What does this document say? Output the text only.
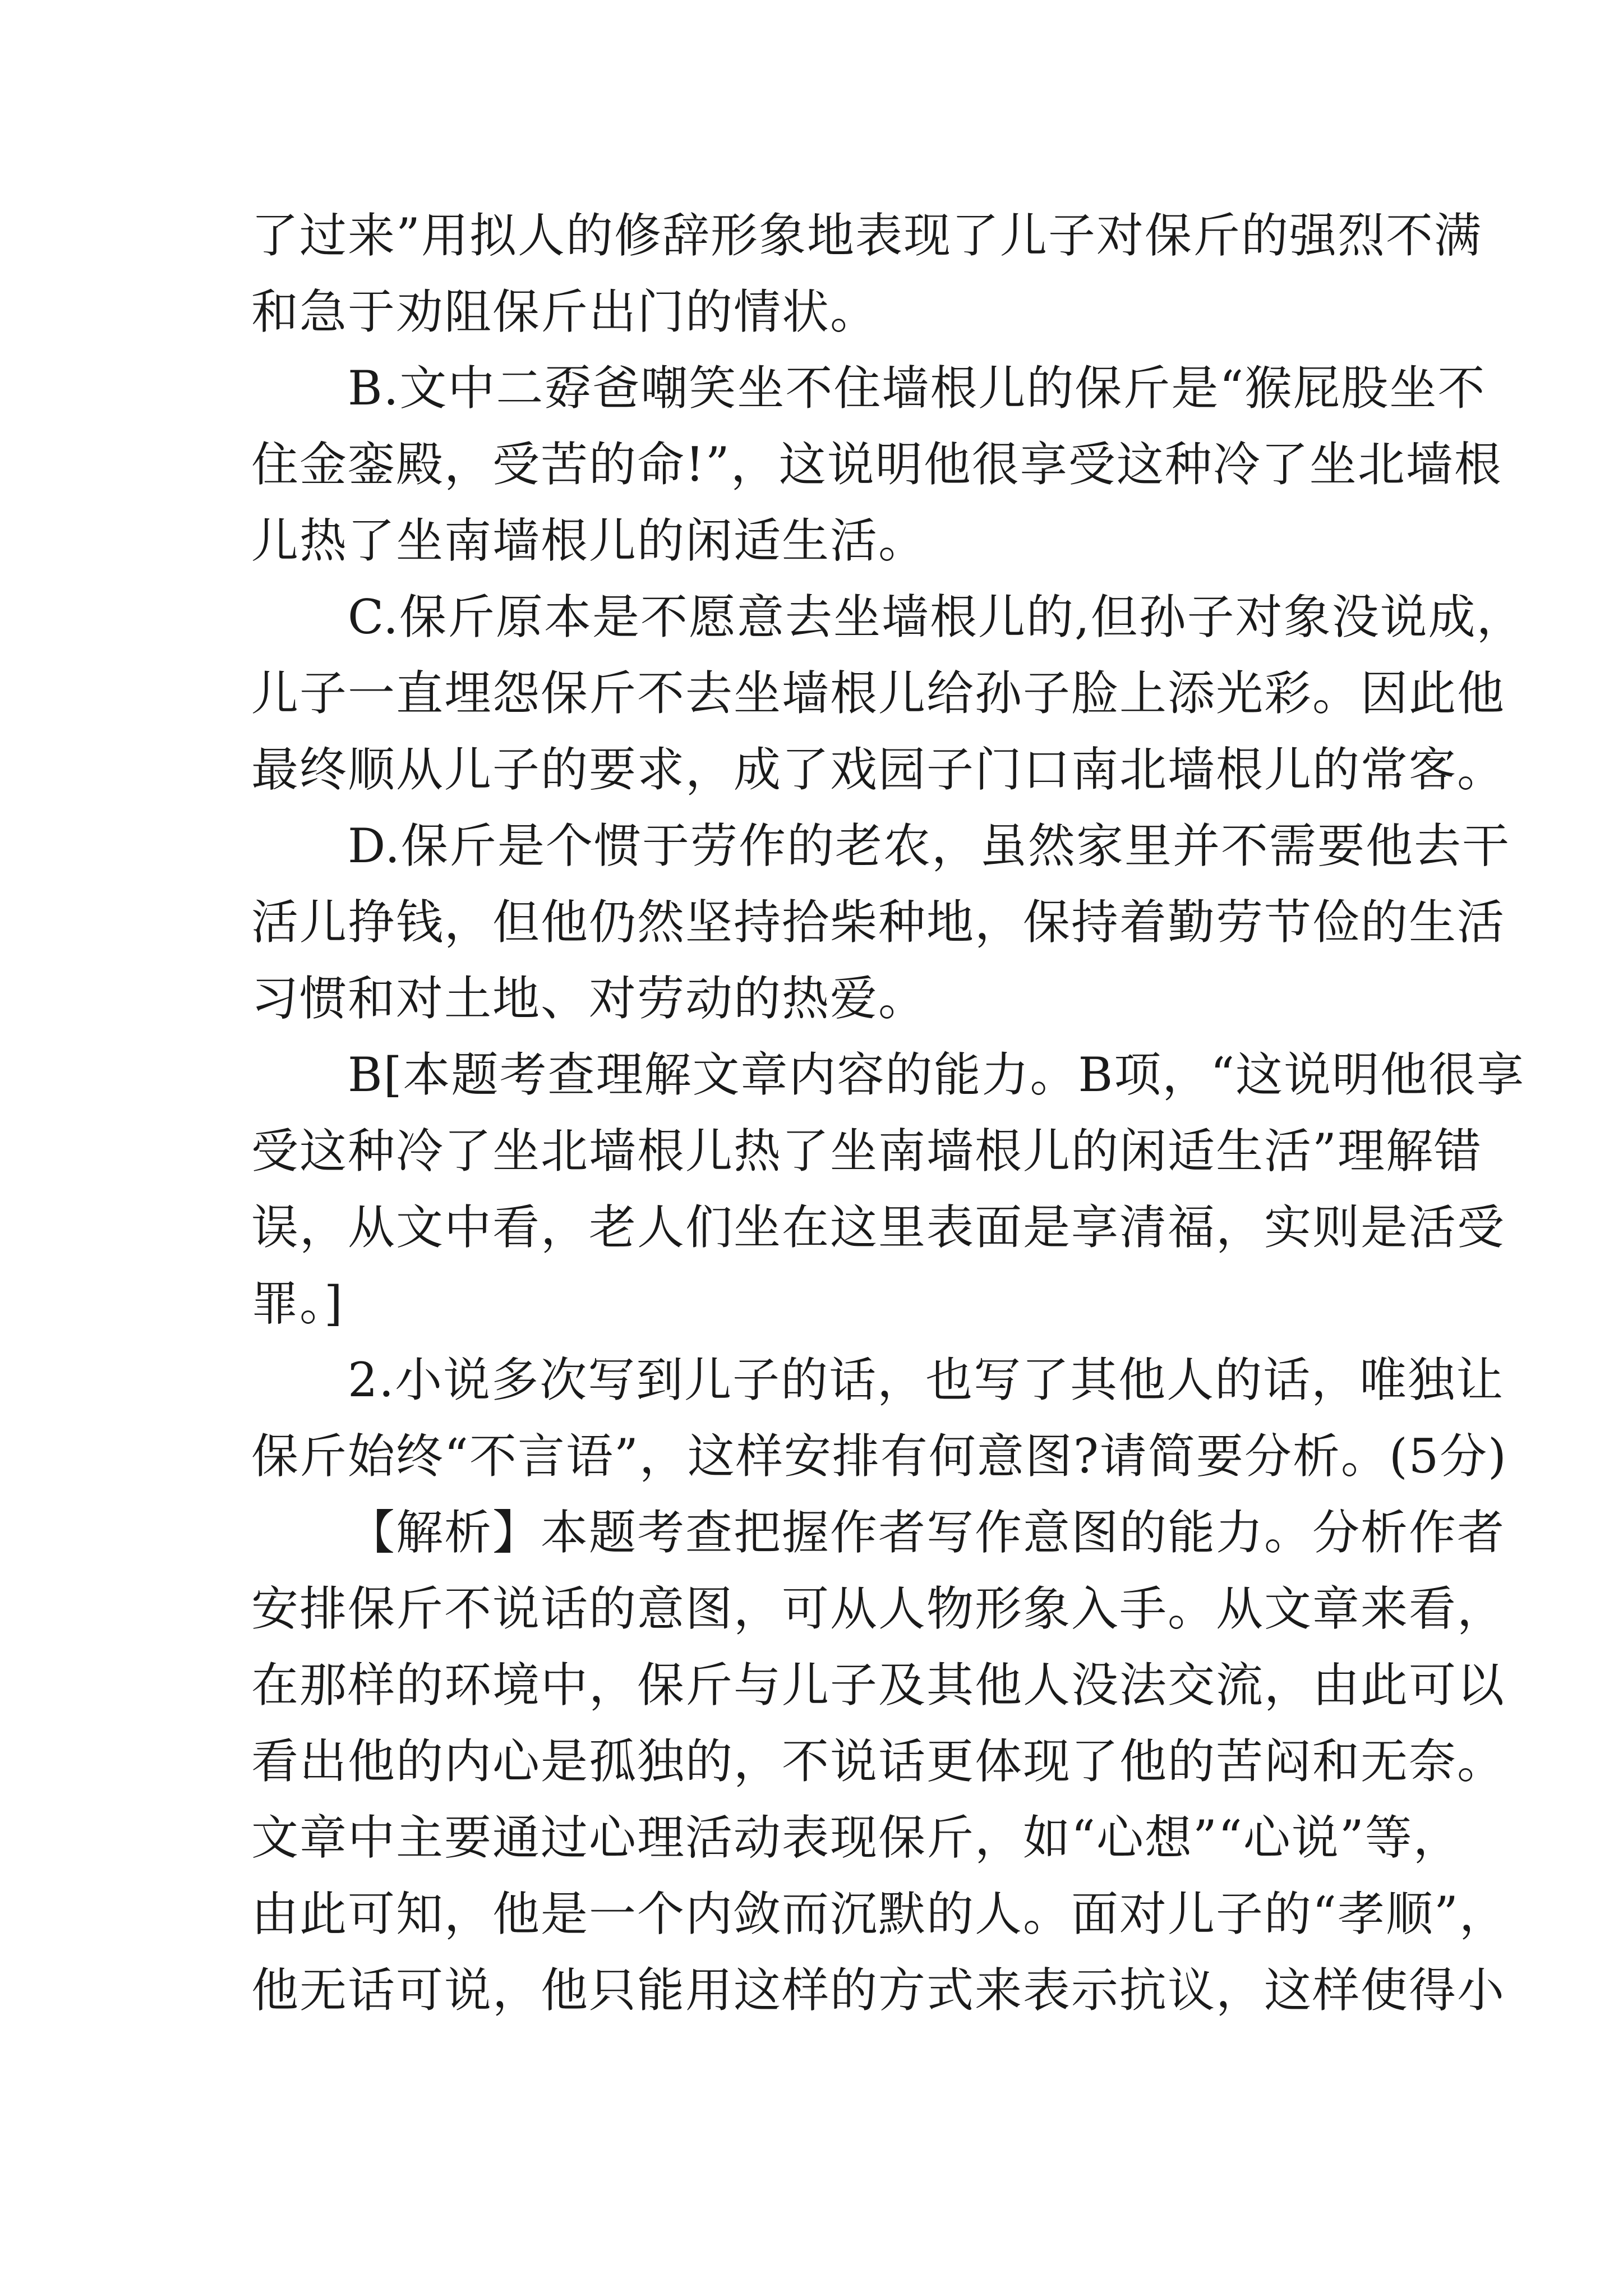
了过来”用拟人的修辞形象地表现了儿子对保斤的强烈不满
和急于劝阻保斤出门的情状。
B.文中二孬爸嘲笑坐不住墙根儿的保斤是“猴屁股坐不
住金銮殿，受苦的命!”，这说明他很享受这种冷了坐北墙根
儿热了坐南墙根儿的闲适生活。
C.保斤原本是不愿意去坐墙根儿的,但孙子对象没说成，
儿子一直埋怨保斤不去坐墙根儿给孙子脸上添光彩。因此他
最终顺从儿子的要求，成了戏园子门口南北墙根儿的常客。
D.保斤是个惯于劳作的老农，虽然家里并不需要他去干
活儿挣钱，但他仍然坚持拾柴种地，保持着勤劳节俭的生活
习惯和对土地、对劳动的热爱。
B[本题考查理解文章内容的能力。B项，“这说明他很享
受这种冷了坐北墙根儿热了坐南墙根儿的闲适生活”理解错
误，从文中看，老人们坐在这里表面是享清福，实则是活受
罪。]
2.小说多次写到儿子的话，也写了其他人的话，唯独让
保斤始终“不言语”，这样安排有何意图?请简要分析。(5分)
【解析】本题考查把握作者写作意图的能力。分析作者
安排保斤不说话的意图，可从人物形象入手。从文章来看，
在那样的环境中，保斤与儿子及其他人没法交流，由此可以
看出他的内心是孤独的，不说话更体现了他的苦闷和无奈。
文章中主要通过心理活动表现保斤，如“心想”“心说”等，
由此可知，他是一个内敛而沉默的人。面对儿子的“孝顺”，
他无话可说，他只能用这样的方式来表示抗议，这样使得小
